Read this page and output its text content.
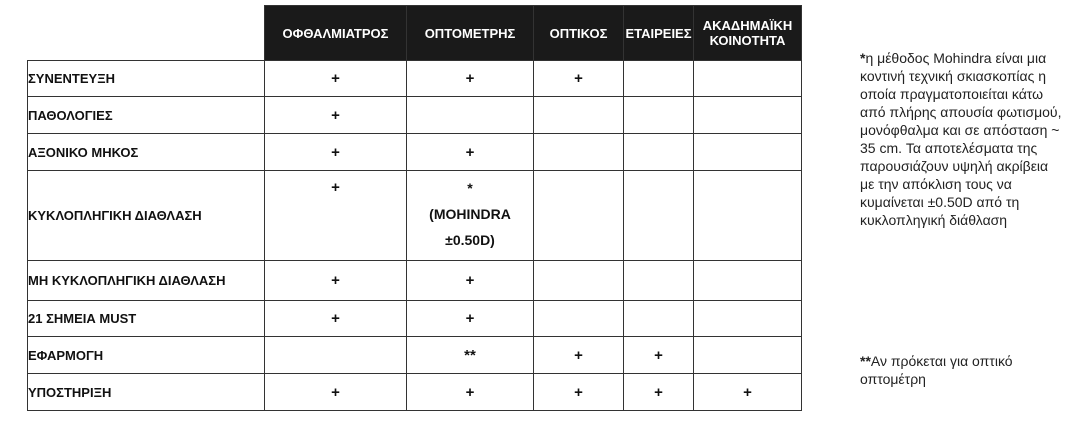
	ΟΦΘΑΛΜΙΑΤΡΟΣ	ΟΠΤΟΜΕΤΡΗΣ	ΟΠΤΙΚΟΣ	ΕΤΑΙΡΕΙΕΣ	ΑΚΑΔΗΜΑΪΚΗ ΚΟΙΝΟΤΗΤΑ
ΣΥΝΕΝΤΕΥΞΗ	+	+	+		
ΠΑΘΟΛΟΓΙΕΣ	+				
ΑΞΟΝΙΚΟ ΜΗΚΟΣ	+	+			
ΚΥΚΛΟΠΛΗΓΙΚΗ ΔΙΑΘΛΑΣΗ	+	*
(MOHINDRA
±0.50D)			
ΜΗ ΚΥΚΛΟΠΛΗΓΙΚΗ ΔΙΑΘΛΑΣΗ	+	+			
21 ΣΗΜΕΙΑ MUST	+	+			
ΕΦΑΡΜΟΓΗ		**	+	+	
ΥΠΟΣΤΗΡΙΞΗ	+	+	+	+	+
*η μέθοδος Mohindra είναι μια κοντινή τεχνική σκιασκοπίας η οποία πραγματοποιείται κάτω από πλήρης απουσία φωτισμού, μονόφθαλμα και σε απόσταση ~ 35 cm. Τα αποτελέσματα της παρουσιάζουν υψηλή ακρίβεια με την απόκλιση τους να κυμαίνεται ±0.50D από τη κυκλοπληγική διάθλαση
**Αν πρόκεται για οπτικό οπτομέτρη
